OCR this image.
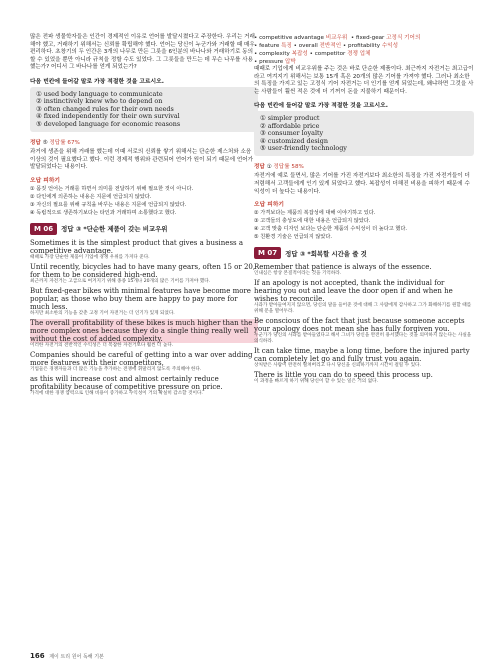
많은 전파 생물학자들은 인간이 경제적인 이유로 언어를 발달시켰다고 주장한다. 우리는 거래해야 했고, 거래하기 위해서는 신뢰를 확립해야 했다. 언어는 당신이 누군가와 거래할 때 매우 편리하다. 초창기의 두 인간은 3개의 나무로 만든 그릇을 6인분의 바나나와 거래하기로 동의할 수 있었을 뿐만 아니라 규칙을 정할 수도 있었다. 그 그릇들을 만드는 데 무슨 나무를 사용했는가? 어디서 그 바나나를 얻게 되었는가?

다음 빈칸에 들어갈 말로 가장 적절한 것을 고르시오.
① used body language to communicate
② instinctively knew who to depend on
③ often changed rules for their own needs
④ fixed independently for their own survival
⑤ developed language for economic reasons
정답 ⑤ 정답률 67%

과거에 생존을 위해 거래를 했는데 이때 서로의 신뢰를 쌓기 위해서는 단순한 제스처와 소음 이상의 것이 필요했다고 했다. 이런 경제적 행위와 관련되어 언어가 원이 되기 때문에 언어가 발달되었다는 내용이다.

오답 피하기

① 몸짓 언어는 거래를 하면서 의미를 전달하기 위해 필요한 것이 아니다.

② 다인에게 의존하는 내용은 지문에 언급되지 않았다.

③ 자신의 필요를 위해 규칙을 바꾸는 내용은 지문에 언급되지 않았다.

④ 독립적으로 생존하기보다는 타인과 거래하며 소통했다고 했다.

M 06	정답 ③ *단순한 제품이 갖는 비교우위
Sometimes it is the simplest product that gives a business a competitive advantage.
때때로 가장 단순한 제품이 기업에 경쟁 우위를 가져다 준다.
Until recently, bicycles had to have many gears, often 15 or 20, for them to be considered high-end.
최근까지 자전거는 고급으로 여겨지기 위해 종종 15개나 20개의 많은 기어를 가져야 했다.
But fixed-gear bikes with minimal features have become more popular, as those who buy them are happy to pay more for much less.
하지만 최소한의 기능을 갖춘 고정 기어 자전거는 더 인기가 있게 되었다.
The overall profitability of these bikes is much higher than the more complex ones because they do a single thing really well without the cost of added complexity.
이러한 자전거의 전반적인 수익성은 더 복잡한 자전거보다 훨씬 더 높다.
Companies should be careful of getting into a war over adding more features with their competitors,
기업들은 경쟁자들과 더 많은 기능을 추가하는 전쟁에 휘말리지 않도록 주의해야 한다.
as this will increase cost and almost certainly reduce profitability because of competitive pressure on price.
가격에 대한 경쟁 압력으로 인해 비용이 증가하고 수익성이 거의 확실히 감소할 것이다.
• competitive advantage 비교우위  • fixed-gear 고정식 기어의
• feature 특징 • overall 전반적인 • profitability 수익성
• complexity 복잡성 • competitor 경쟁 업체
• pressure 압박

때때로 기업에게 비교우위를 주는 것은 바로 단순한 제품이다. 최근까지 자전거는 최고급이라고 여겨지기 위해서는 보통 15개 혹은 20개의 많은 기어를 가져야 했다. 그러나 최소한의 특징을 가지고 있는 고정식 기어 자전거는 더 인기를 얻게 되었는데, 왜냐하면 그것을 사는 사람들이 훨씬 적은 것에 더 기꺼이 돈을 지불하기 때문이다.

다음 빈칸에 들어갈 말로 가장 적절한 것을 고르시오.
① simpler product
② affordable price
③ consumer loyalty
④ customized design
⑤ user-friendly technology
정답 ① 정답률 58%

자전거에 예로 들면서, 많은 기어를 가진 자전거보다 최소한의 특징을 가진 자전거들이 더 저렴해서 고객들에게 인기 있게 되었다고 했다. 복잡성이 더해진 비용을 피하기 때문에 수익성이 더 높다는 내용이다.

오답 피하기

② 가격보다는 제품의 복잡성에 대해 이야기하고 있다.

③ 고객들의 충성도에 대한 내용은 언급되지 않았다.

④ 고객 맞춤 디자인 보다는 단순한 제품의 수익성이 더 높다고 했다.

⑤ 친환경 기술은 언급되지 않았다.

M 07	정답 ③ *회복할 시간을 줄 것
Remember that patience is always of the essence.
인내심은 항상 본질적이라는 것을 기억하라.
If an apology is not accepted, thank the individual for hearing you out and leave the door open if and when he wishes to reconcile.
사과가 받아들여지지 않으면, 당신의 말을 들어준 것에 대해 그 사람에게 감사하고 그가 화해하기를 원할 때를 위해 문을 열어두라.
Be conscious of the fact that just because someone accepts your apology does not mean she has fully forgiven you.
누군가가 당신의 사과를 받아들였다고 해서 그녀가 당신을 완전히 용서했다는 것을 의미하지 않는다는 사실을 의식하라.
It can take time, maybe a long time, before the injured party can completely let go and fully trust you again.
상처받은 사람이 완전히 떨쳐버리고 다시 당신을 신뢰하기까지 시간이 걸릴 수 있다.
There is little you can do to speed this process up.
이 과정을 빠르게 하기 위해 당신이 할 수 있는 일은 거의 없다.
166 제이 트리 원어 독해 기본
